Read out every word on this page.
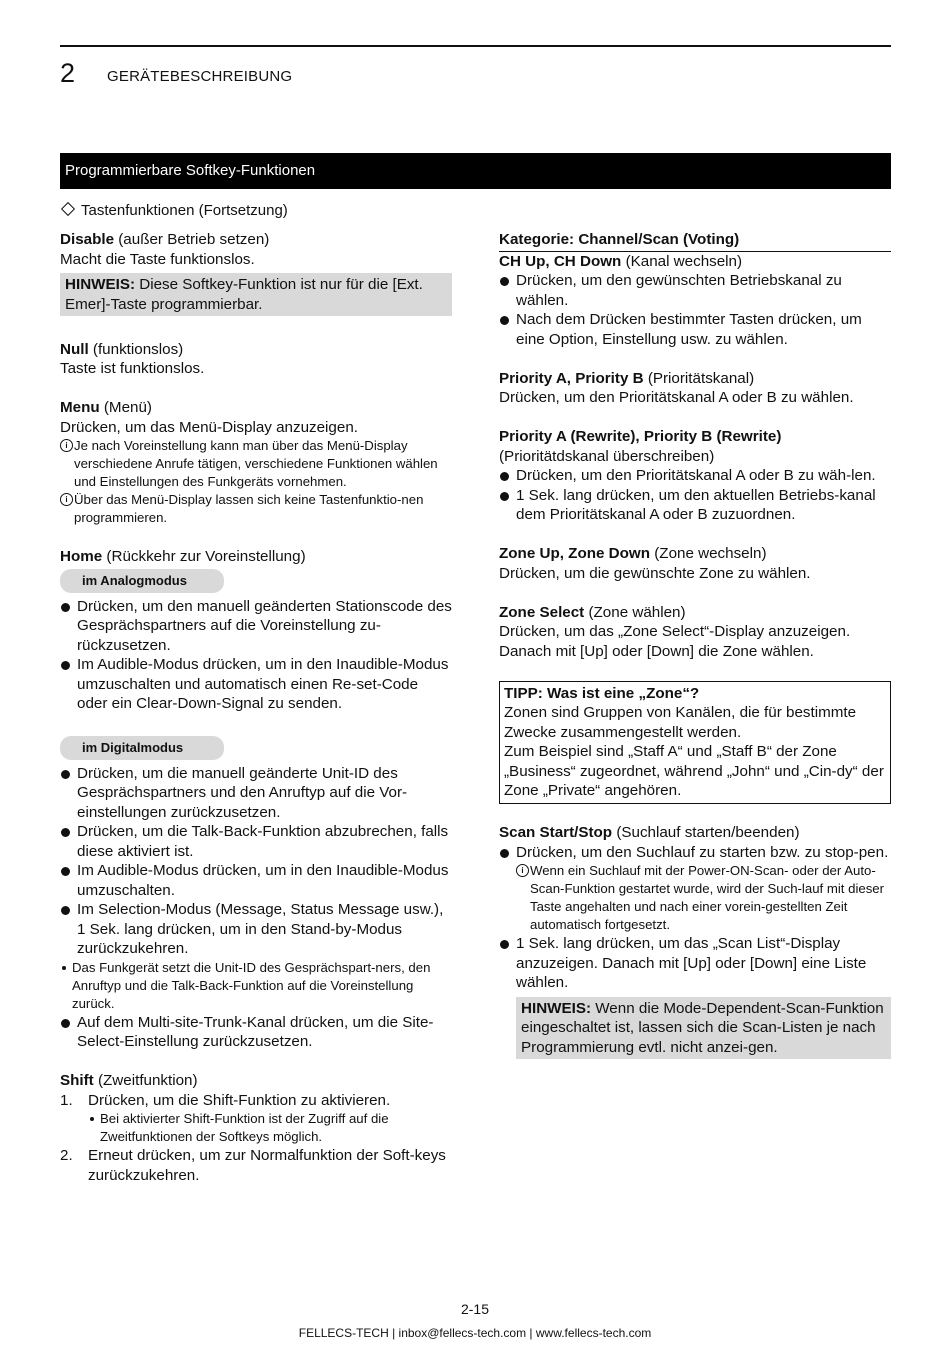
2 GERÄTEBESCHREIBUNG
Programmierbare Softkey-Funktionen
Tastenfunktionen (Fortsetzung)

Disable (außer Betrieb setzen)

Macht die Taste funktionslos.

HINWEIS: Diese Softkey-Funktion ist nur für die [Ext. Emer]-Taste programmierbar.

Null (funktionslos)

Taste ist funktionslos.

Menu (Menü)

Drücken, um das Menü-Display anzuzeigen.

i Je nach Voreinstellung kann man über das Menü-Display verschiedene Anrufe tätigen, verschiedene Funktionen wählen und Einstellungen des Funkgeräts vornehmen.

i Über das Menü-Display lassen sich keine Tastenfunktio-nen programmieren.

Home (Rückkehr zur Voreinstellung)

im Analogmodus

Drücken, um den manuell geänderten Stationscode des Gesprächspartners auf die Voreinstellung zu-rückzusetzen.

Im Audible-Modus drücken, um in den Inaudible-Modus umzuschalten und automatisch einen Re-set-Code oder ein Clear-Down-Signal zu senden.

im Digitalmodus

Drücken, um die manuell geänderte Unit-ID des Gesprächspartners und den Anruftyp auf die Vor-einstellungen zurückzusetzen.

Drücken, um die Talk-Back-Funktion abzubrechen, falls diese aktiviert ist.

Im Audible-Modus drücken, um in den Inaudible-Modus umzuschalten.

Im Selection-Modus (Message, Status Message usw.), 1 Sek. lang drücken, um in den Stand-by-Modus zurückzukehren.

Das Funkgerät setzt die Unit-ID des Gesprächspart-ners, den Anruftyp und die Talk-Back-Funktion auf die Voreinstellung zurück.

Auf dem Multi-site-Trunk-Kanal drücken, um die Site-Select-Einstellung zurückzusetzen.

Shift (Zweitfunktion)

1. Drücken, um die Shift-Funktion zu aktivieren.

Bei aktivierter Shift-Funktion ist der Zugriff auf die Zweitfunktionen der Softkeys möglich.

2. Erneut drücken, um zur Normalfunktion der Soft-keys zurückzukehren.

Kategorie: Channel/Scan (Voting)

CH Up, CH Down (Kanal wechseln)

Drücken, um den gewünschten Betriebskanal zu wählen.

Nach dem Drücken bestimmter Tasten drücken, um eine Option, Einstellung usw. zu wählen.

Priority A, Priority B (Prioritätskanal)

Drücken, um den Prioritätskanal A oder B zu wählen.

Priority A (Rewrite), Priority B (Rewrite)

(Prioritätdskanal überschreiben)

Drücken, um den Prioritätskanal A oder B zu wäh-len.

1 Sek. lang drücken, um den aktuellen Betriebs-kanal dem Prioritätskanal A oder B zuzuordnen.

Zone Up, Zone Down (Zone wechseln)

Drücken, um die gewünschte Zone zu wählen.

Zone Select (Zone wählen)

Drücken, um das „Zone Select“-Display anzuzeigen.

Danach mit [Up] oder [Down] die Zone wählen.

TIPP: Was ist eine „Zone“?

Zonen sind Gruppen von Kanälen, die für bestimmte Zwecke zusammengestellt werden.

Zum Beispiel sind „Staff A“ und „Staff B“ der Zone „Business“ zugeordnet, während „John“ und „Cin-dy“ der Zone „Private“ angehören.

Scan Start/Stop (Suchlauf starten/beenden)

Drücken, um den Suchlauf zu starten bzw. zu stop-pen.

i Wenn ein Suchlauf mit der Power-ON-Scan- oder der Auto-Scan-Funktion gestartet wurde, wird der Such-lauf mit dieser Taste angehalten und nach einer vorein-gestellten Zeit automatisch fortgesetzt.

1 Sek. lang drücken, um das „Scan List“-Display anzuzeigen. Danach mit [Up] oder [Down] eine Liste wählen.

HINWEIS: Wenn die Mode-Dependent-Scan-Funktion eingeschaltet ist, lassen sich die Scan-Listen je nach Programmierung evtl. nicht anzei-gen.
2-15
FELLECS-TECH | inbox@fellecs-tech.com | www.fellecs-tech.com
